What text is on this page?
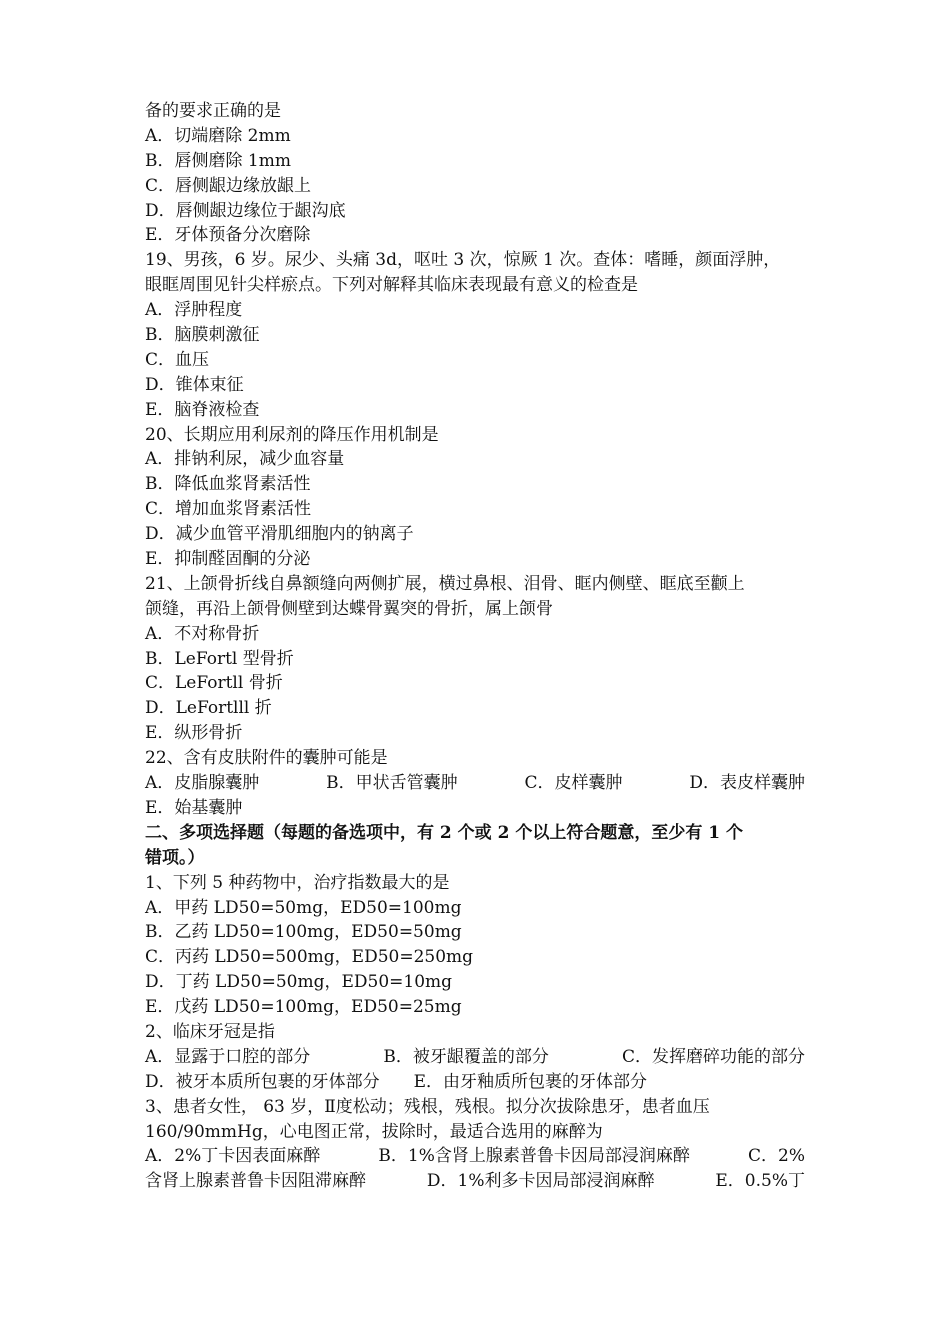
备的要求正确的是
A．切端磨除 2mm
B．唇侧磨除 1mm
C．唇侧龈边缘放龈上
D．唇侧龈边缘位于龈沟底
E．牙体预备分次磨除
19、男孩，6 岁。尿少、头痛 3d，呕吐 3 次，惊厥 1 次。查体：嗜睡，颜面浮肿，
眼眶周围见针尖样瘀点。下列对解释其临床表现最有意义的检查是
A．浮肿程度
B．脑膜刺激征
C．血压
D．锥体束征
E．脑脊液检查
20、长期应用利尿剂的降压作用机制是
A．排钠利尿，减少血容量
B．降低血浆肾素活性
C．增加血浆肾素活性
D．减少血管平滑肌细胞内的钠离子
E．抑制醛固酮的分泌
21、上颌骨折线自鼻额缝向两侧扩展，横过鼻根、泪骨、眶内侧壁、眶底至颧上
颌缝，再沿上颌骨侧壁到达蝶骨翼突的骨折，属上颌骨
A．不对称骨折
B．LeFortl 型骨折
C．LeFortll 骨折
D．LeFortlll 折
E．纵形骨折
22、含有皮肤附件的囊肿可能是
A．皮脂腺囊肿	B．甲状舌管囊肿	C．皮样囊肿	D．表皮样囊肿
E．始基囊肿
二、多项选择题（每题的备选项中，有 2 个或 2 个以上符合题意，至少有 1 个
错项。）
1、下列 5 种药物中，治疗指数最大的是
A．甲药 LD50=50mg，ED50=100mg
B．乙药 LD50=100mg，ED50=50mg
C．丙药 LD50=500mg，ED50=250mg
D．丁药 LD50=50mg，ED50=10mg
E．戊药 LD50=100mg，ED50=25mg
2、临床牙冠是指
A．显露于口腔的部分	B．被牙龈覆盖的部分	C．发挥磨碎功能的部分
D．被牙本质所包裹的牙体部分　　E．由牙釉质所包裹的牙体部分
3、患者女性， 63 岁，Ⅱ度松动；残根，残根。拟分次拔除患牙，患者血压
160/90mmHg，心电图正常，拔除时，最适合选用的麻醉为
A．2%丁卡因表面麻醉	B．1%含肾上腺素普鲁卡因局部浸润麻醉	C．2%
含肾上腺素普鲁卡因阻滞麻醉	D．1%利多卡因局部浸润麻醉	E．0.5%丁
